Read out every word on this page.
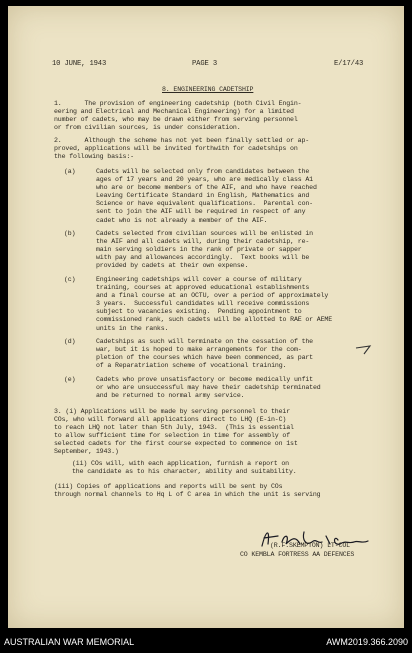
10 JUNE, 1943	PAGE 3	E/17/43
8. ENGINEERING CADETSHIP
1.      The provision of engineering cadetship (both Civil Engin-
eering and Electrical and Mechanical Engineering) for a limited
number of cadets, who may be drawn either from serving personnel
or from civilian sources, is under consideration.
2.      Although the scheme has not yet been finally settled or ap-
proved, applications will be invited forthwith for cadetships on
the following basis:-
(a)	Cadets will be selected only from candidates between the
ages of 17 years and 20 years, who are medically class A1
who are or become members of the AIF, and who have reached
Leaving Certificate Standard in English, Mathematics and
Science or have equivalent qualifications.  Parental con-
sent to join the AIF will be required in respect of any
cadet who is not already a member of the AIF.
(b)	Cadets selected from civilian sources will be enlisted in
the AIF and all cadets will, during their cadetship, re-
main serving soldiers in the rank of private or sapper
with pay and allowances accordingly.  Text books will be
provided by cadets at their own expense.
(c)	Engineering cadetships will cover a course of military
training, courses at approved educational establishments
and a final course at an OCTU, over a period of approximately
3 years.  Successful candidates will receive commissions
subject to vacancies existing.  Pending appointment to
commissioned rank, such cadets will be allotted to RAE or AEME
units in the ranks.
(d)	Cadetships as such will terminate on the cessation of the
war, but it is hoped to make arrangements for the com-
pletion of the courses which have been commenced, as part
of a Reparatriation scheme of vocational training.
(e)	Cadets who prove unsatisfactory or become medically unfit
or who are unsuccessful may have their cadetship terminated
and be returned to normal army service.
3. (i) Applications will be made by serving personnel to their
COs, who will forward all applications direct to LHQ (E-in-C)
to reach LHQ not later than 5th July, 1943.  (This is essential
to allow sufficient time for selection in time for assembly of
selected cadets for the first course expected to commence on 1st
September, 1943.)
(ii) COs will, with each application, furnish a report on
the candidate as to his character, ability and suitability.
(iii) Copies of applications and reports will be sent by COs
through normal channels to Hq L of C area in which the unit is serving
(R.F.SKEMPTON) LT-COL
CO KEMBLA FORTRESS AA DEFENCES
AUSTRALIAN WAR MEMORIAL	AWM2019.366.2090
